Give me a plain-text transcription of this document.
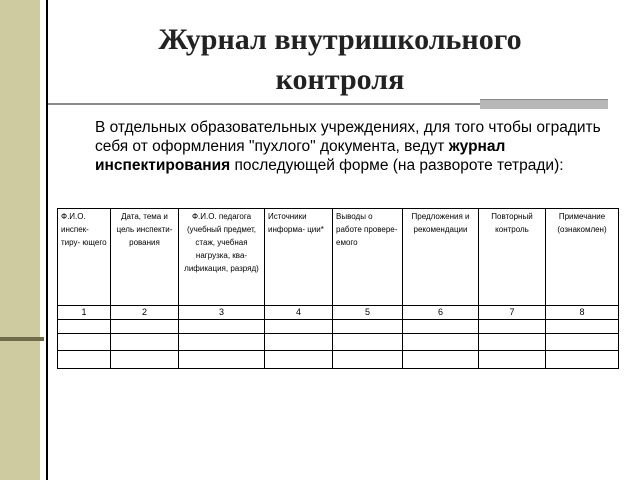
Журнал внутришкольного контроля
В отдельных образовательных учреждениях, для того чтобы оградить себя от оформления "пухлого" документа, ведут журнал инспектирования последующей форме (на развороте тетради):
Ф.И.О. инспек- тиру- ющего	Дата, тема и цель инспекти- рования	Ф.И.О. педагога (учебный предмет, стаж, учебная нагрузка, ква- лификация, разряд)	Источники информа- ции*	Выводы о работе провере- емого	Предложения и рекомендации	Повторный контроль	Примечание (ознакомлен)
1	2	3	4	5	6	7	8
